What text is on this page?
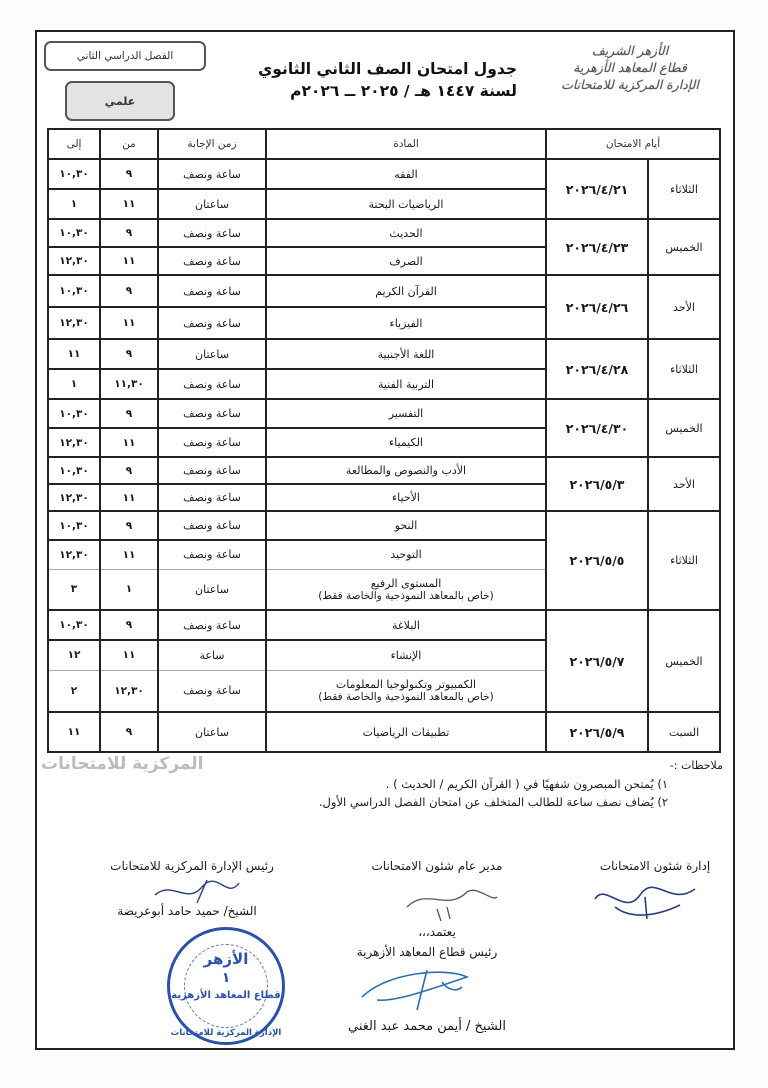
الأزهر الشريف
قطاع المعاهد الأزهرية
الإدارة المركزية للامتحانات
جدول امتحان الصف الثاني الثانوي
لسنة ١٤٤٧ هـ / ٢٠٢٥ ــ ٢٠٢٦م
الفصل الدراسي الثاني
علمي
إلى	من	زمن الإجابة	المادة	أيام الامتحان	
١٠,٣٠	٩	ساعة ونصف	الفقه	٢٠٢٦/٤/٢١	الثلاثاء
١	١١	ساعتان	الرياضيات البحتة		

١٠,٣٠	٩	ساعة ونصف	الحديث	٢٠٢٦/٤/٢٣	الخميس
١٢,٣٠	١١	ساعة ونصف	الصرف		

١٠,٣٠	٩	ساعة ونصف	القرآن الكريم	٢٠٢٦/٤/٢٦	الأحد
١٢,٣٠	١١	ساعة ونصف	الفيزياء		

١١	٩	ساعتان	اللغة الأجنبية	٢٠٢٦/٤/٢٨	الثلاثاء
١	١١,٣٠	ساعة ونصف	التربية الفنية		

١٠,٣٠	٩	ساعة ونصف	التفسير	٢٠٢٦/٤/٣٠	الخميس
١٢,٣٠	١١	ساعة ونصف	الكيمياء		

١٠,٣٠	٩	ساعة ونصف	الأدب والنصوص والمطالعة	٢٠٢٦/٥/٣	الأحد
١٢,٣٠	١١	ساعة ونصف	الأحياء		

١٠,٣٠	٩	ساعة ونصف	النحو	٢٠٢٦/٥/٥	الثلاثاء
١٢,٣٠	١١	ساعة ونصف	التوحيد		

٣	١	ساعتان	المستوى الرفيع
(خاص بالمعاهد النموذجية والخاصة فقط)		

١٠,٣٠	٩	ساعة ونصف	البلاغة	٢٠٢٦/٥/٧	الخميس
١٢	١١	ساعة	الإنشاء		

٢	١٢,٣٠	ساعة ونصف	الكمبيوتر وتكنولوجيا المعلومات
(خاص بالمعاهد النموذجية والخاصة فقط)		

١١	٩	ساعتان	تطبيقات الرياضيات	٢٠٢٦/٥/٩	السبت
المركزية للامتحانات	ملاحظات :-
١) يُمتحن المبصرون شفهيًا في ( القرآن الكريم / الحديث ) .
٢) يُضاف نصف ساعة للطالب المتخلف عن امتحان الفصل الدراسي الأول.
إدارة شئون الامتحانات
مدير عام شئون الامتحانات
رئيس الإدارة المركزية للامتحانات
الشيخ/ حميد حامد أبوعريضة
يعتمد،،،
رئيس قطاع المعاهد الأزهرية
الشيخ / أيمن محمد عبد الغني
الأزهر
١
قطاع المعاهد الأزهرية
الإدارة المركزية للامتحانات
